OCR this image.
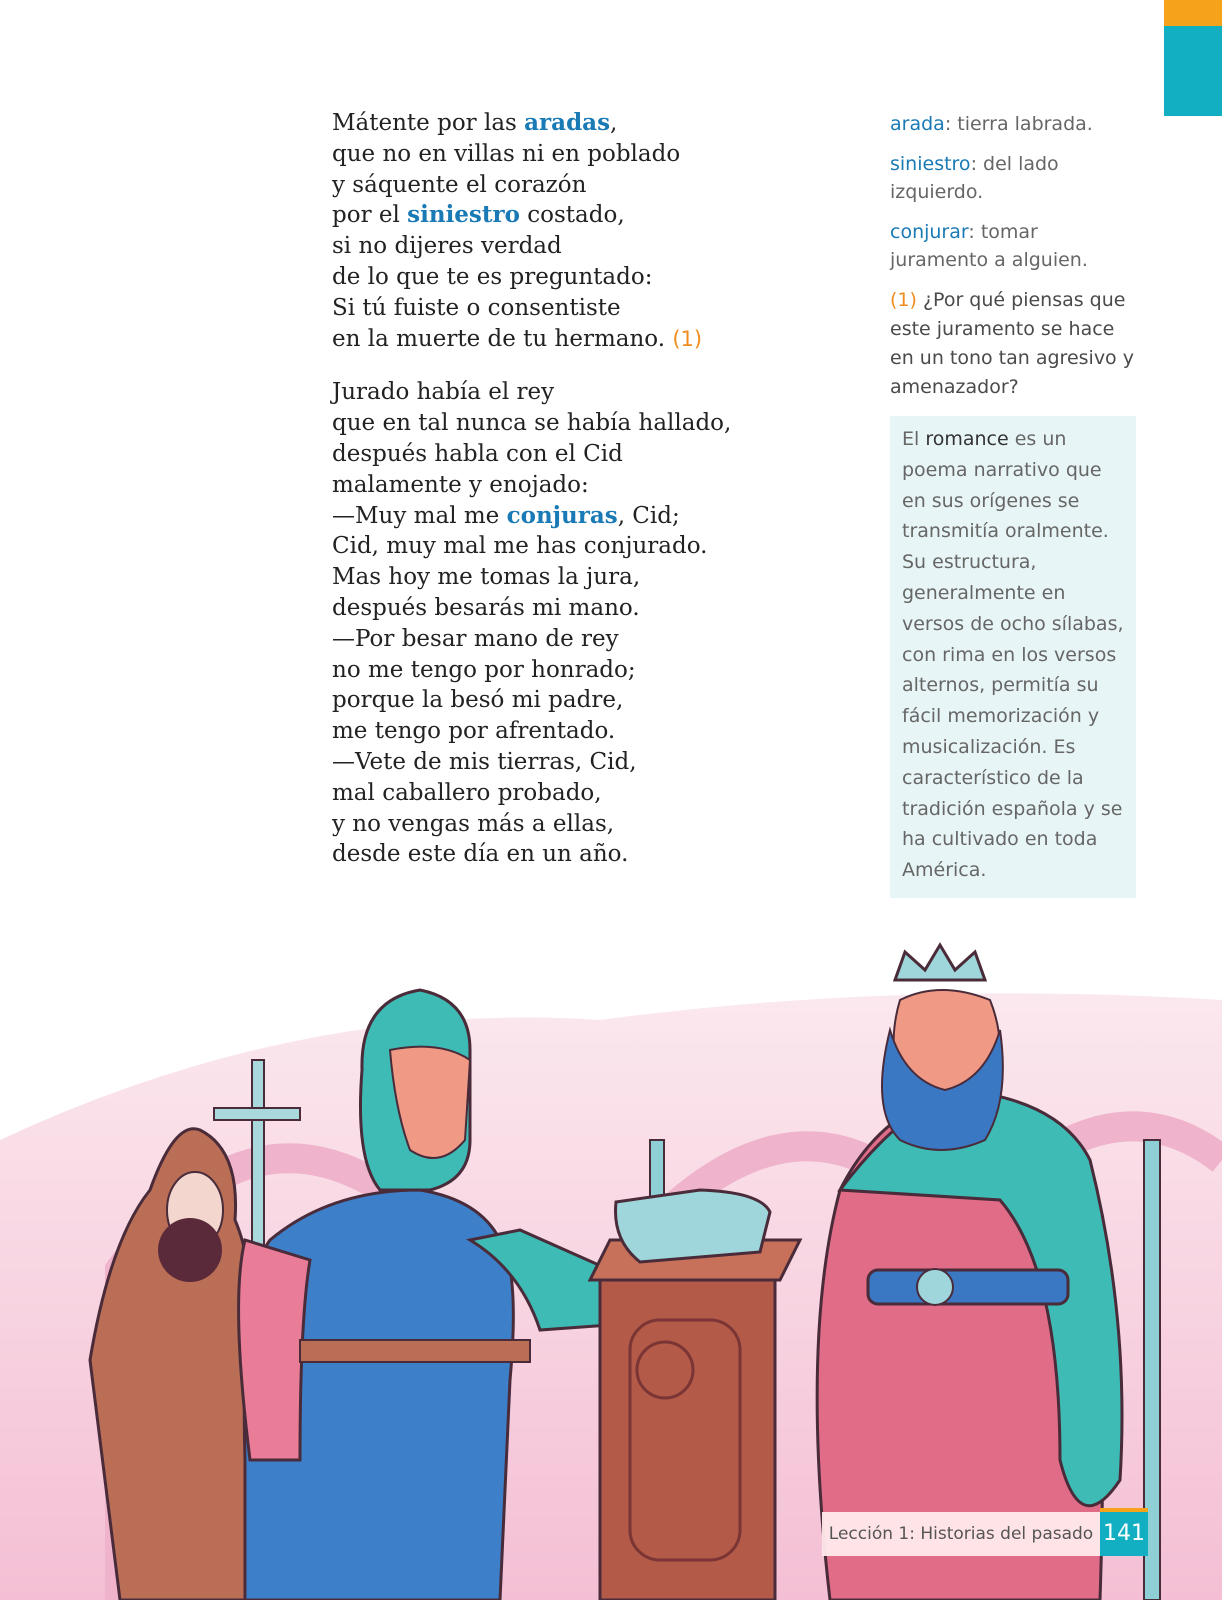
Mátente por las aradas,
que no en villas ni en poblado
y sáquente el corazón
por el siniestro costado,
si no dijeres verdad
de lo que te es preguntado:
Si tú fuiste o consentiste
en la muerte de tu hermano. (1)
Jurado había el rey
que en tal nunca se había hallado,
después habla con el Cid
malamente y enojado:
—Muy mal me conjuras, Cid;
Cid, muy mal me has conjurado.
Mas hoy me tomas la jura,
después besarás mi mano.
—Por besar mano de rey
no me tengo por honrado;
porque la besó mi padre,
me tengo por afrentado.
—Vete de mis tierras, Cid,
mal caballero probado,
y no vengas más a ellas,
desde este día en un año.

arada: tierra labrada.

siniestro: del lado izquierdo.

conjurar: tomar juramento a alguien.

(1) ¿Por qué piensas que este juramento se hace en un tono tan agresivo y amenazador?

El romance es un poema narrativo que en sus orígenes se transmitía oralmente. Su estructura, generalmente en versos de ocho sílabas, con rima en los versos alternos, permitía su fácil memorización y musicalización. Es característico de la tradición española y se ha cultivado en toda América.
Lección 1: Historias del pasado 141
